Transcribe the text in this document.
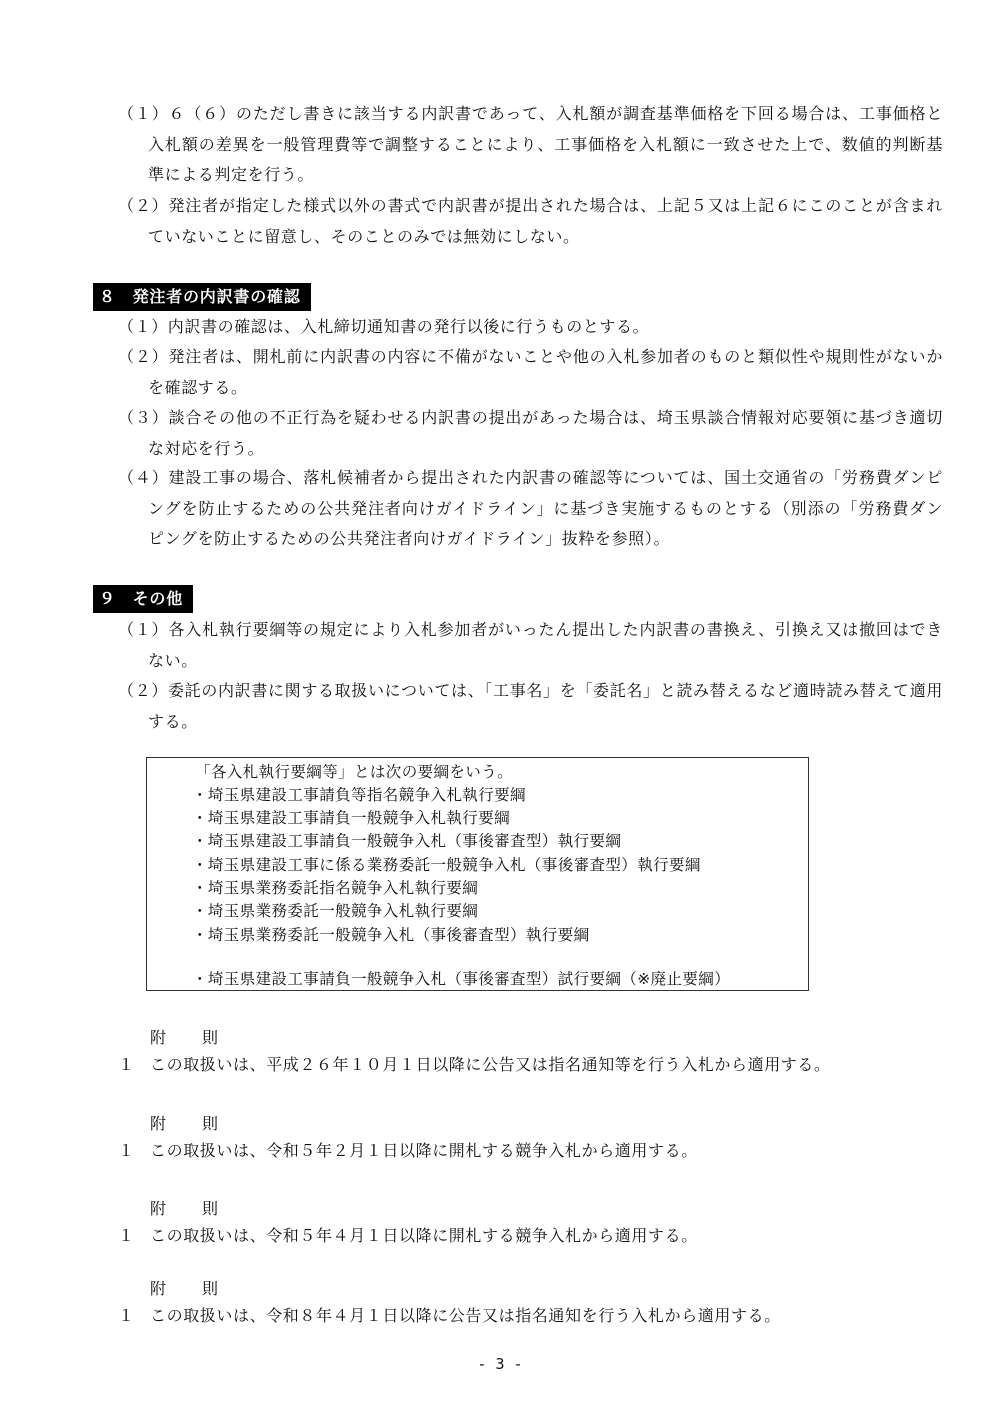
（１）６（６）のただし書きに該当する内訳書であって、入札額が調査基準価格を下回る場合は、工事価格と入札額の差異を一般管理費等で調整することにより、工事価格を入札額に一致させた上で、数値的判断基準による判定を行う。
（２）発注者が指定した様式以外の書式で内訳書が提出された場合は、上記５又は上記６にこのことが含まれていないことに留意し、そのことのみでは無効にしない。
８　発注者の内訳書の確認
（１）内訳書の確認は、入札締切通知書の発行以後に行うものとする。
（２）発注者は、開札前に内訳書の内容に不備がないことや他の入札参加者のものと類似性や規則性がないかを確認する。
（３）談合その他の不正行為を疑わせる内訳書の提出があった場合は、埼玉県談合情報対応要領に基づき適切な対応を行う。
（４）建設工事の場合、落札候補者から提出された内訳書の確認等については、国土交通省の「労務費ダンピングを防止するための公共発注者向けガイドライン」に基づき実施するものとする（別添の「労務費ダンピングを防止するための公共発注者向けガイドライン」抜粋を参照）。
９　その他
（１）各入札執行要綱等の規定により入札参加者がいったん提出した内訳書の書換え、引換え又は撤回はできない。
（２）委託の内訳書に関する取扱いについては、「工事名」を「委託名」と読み替えるなど適時読み替えて適用する。
「各入札執行要綱等」とは次の要綱をいう。
・埼玉県建設工事請負等指名競争入札執行要綱
・埼玉県建設工事請負一般競争入札執行要綱
・埼玉県建設工事請負一般競争入札（事後審査型）執行要綱
・埼玉県建設工事に係る業務委託一般競争入札（事後審査型）執行要綱
・埼玉県業務委託指名競争入札執行要綱
・埼玉県業務委託一般競争入札執行要綱
・埼玉県業務委託一般競争入札（事後審査型）執行要綱
・埼玉県建設工事請負一般競争入札（事後審査型）試行要綱（※廃止要綱）
附　則
１ この取扱いは、平成２６年１０月１日以降に公告又は指名通知等を行う入札から適用する。
附　則
１ この取扱いは、令和５年２月１日以降に開札する競争入札から適用する。
附　則
１ この取扱いは、令和５年４月１日以降に開札する競争入札から適用する。
附　則
１ この取扱いは、令和８年４月１日以降に公告又は指名通知を行う入札から適用する。
- 3 -
